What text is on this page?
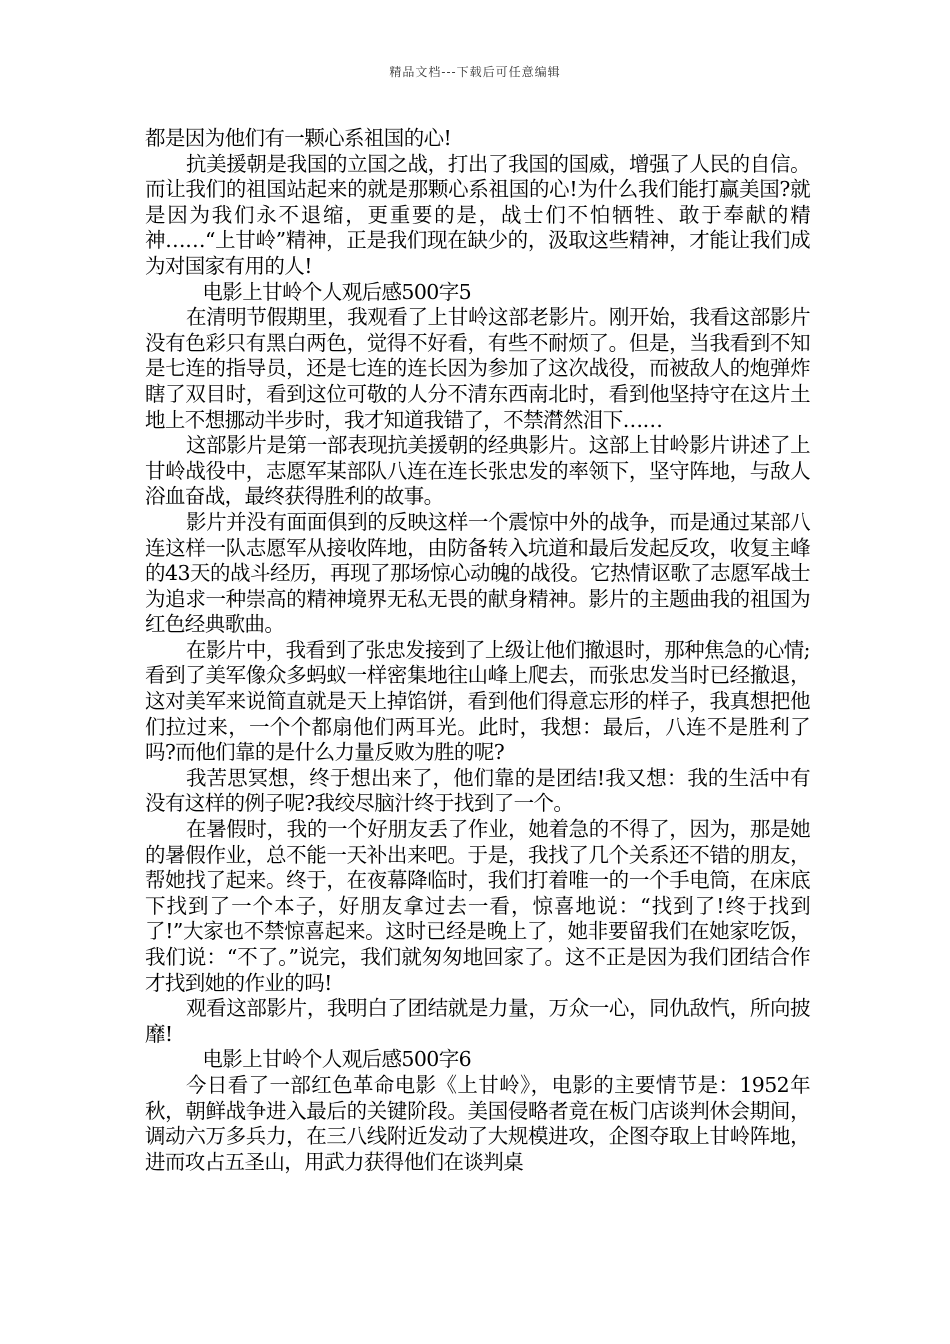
精品文档---下载后可任意编辑

都是因为他们有一颗心系祖国的心!

抗美援朝是我国的立国之战，打出了我国的国威，增强了人民的自信。而让我们的祖国站起来的就是那颗心系祖国的心!为什么我们能打赢美国?就是因为我们永不退缩，更重要的是，战士们不怕牺牲、敢于奉献的精神……“上甘岭”精神，正是我们现在缺少的，汲取这些精神，才能让我们成为对国家有用的人!

电影上甘岭个人观后感500字5

在清明节假期里，我观看了上甘岭这部老影片。刚开始，我看这部影片没有色彩只有黑白两色，觉得不好看，有些不耐烦了。但是，当我看到不知是七连的指导员，还是七连的连长因为参加了这次战役，而被敌人的炮弹炸瞎了双目时，看到这位可敬的人分不清东西南北时，看到他坚持守在这片土地上不想挪动半步时，我才知道我错了，不禁潸然泪下……

这部影片是第一部表现抗美援朝的经典影片。这部上甘岭影片讲述了上甘岭战役中，志愿军某部队八连在连长张忠发的率领下，坚守阵地，与敌人浴血奋战，最终获得胜利的故事。

影片并没有面面俱到的反映这样一个震惊中外的战争，而是通过某部八连这样一队志愿军从接收阵地，由防备转入坑道和最后发起反攻，收复主峰的43天的战斗经历，再现了那场惊心动魄的战役。它热情讴歌了志愿军战士为追求一种崇高的精神境界无私无畏的献身精神。影片的主题曲我的祖国为红色经典歌曲。

在影片中，我看到了张忠发接到了上级让他们撤退时，那种焦急的心情;看到了美军像众多蚂蚁一样密集地往山峰上爬去，而张忠发当时已经撤退，这对美军来说简直就是天上掉馅饼，看到他们得意忘形的样子，我真想把他们拉过来，一个个都扇他们两耳光。此时，我想：最后，八连不是胜利了吗?而他们靠的是什么力量反败为胜的呢?

我苦思冥想，终于想出来了，他们靠的是团结!我又想：我的生活中有没有这样的例子呢?我绞尽脑汁终于找到了一个。

在暑假时，我的一个好朋友丢了作业，她着急的不得了，因为，那是她的暑假作业，总不能一天补出来吧。于是，我找了几个关系还不错的朋友，帮她找了起来。终于，在夜幕降临时，我们打着唯一的一个手电筒，在床底下找到了一个本子，好朋友拿过去一看，惊喜地说：“找到了!终于找到了!”大家也不禁惊喜起来。这时已经是晚上了，她非要留我们在她家吃饭，我们说：“不了。”说完，我们就匆匆地回家了。这不正是因为我们团结合作才找到她的作业的吗!

观看这部影片，我明白了团结就是力量，万众一心，同仇敌忾，所向披靡!

电影上甘岭个人观后感500字6

今日看了一部红色革命电影《上甘岭》，电影的主要情节是：1952年秋，朝鲜战争进入最后的关键阶段。美国侵略者竟在板门店谈判休会期间，调动六万多兵力，在三八线附近发动了大规模进攻，企图夺取上甘岭阵地，进而攻占五圣山，用武力获得他们在谈判桌
